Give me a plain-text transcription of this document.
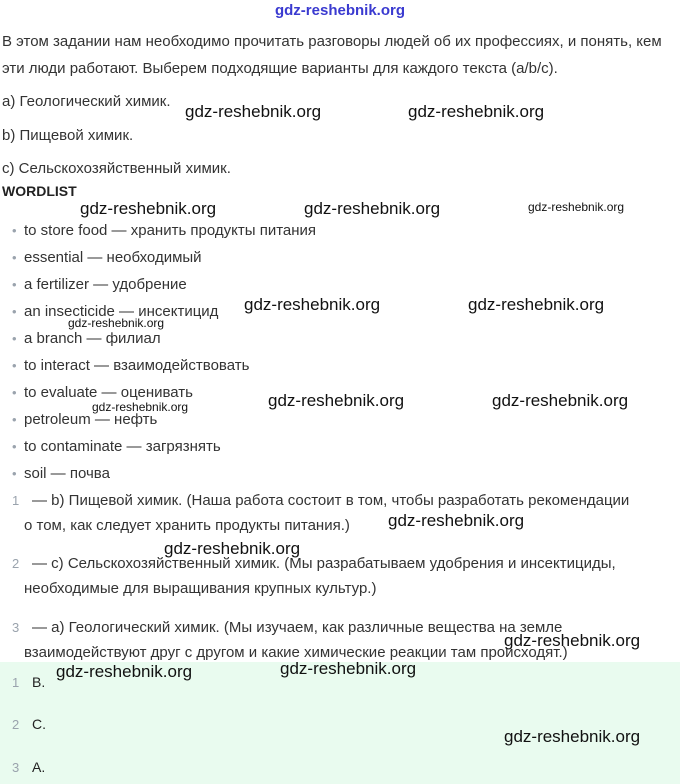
gdz-reshebnik.org
В этом задании нам необходимо прочитать разговоры людей об их профессиях, и понять, кем эти люди работают. Выберем подходящие варианты для каждого текста (a/b/c).
a) Геологический химик.
b) Пищевой химик.
c) Сельскохозяйственный химик.
WORDLIST
• to store food — хранить продукты питания
• essential — необходимый
• a fertilizer — удобрение
• an insecticide — инсектицид
• a branch — филиал
• to interact — взаимодействовать
• to evaluate — оценивать
• petroleum — нефть
• to contaminate — загрязнять
• soil — почва
1 — b) Пищевой химик. (Наша работа состоит в том, чтобы разработать рекомендации
о том, как следует хранить продукты питания.)
2 — c) Сельскохозяйственный химик. (Мы разрабатываем удобрения и инсектициды,
необходимые для выращивания крупных культур.)
3 — a) Геологический химик. (Мы изучаем, как различные вещества на земле
взаимодействуют друг с другом и какие химические реакции там происходят.)
1 B.
2 C.
3 A.
gdz-reshebnik.org	gdz-reshebnik.org
gdz-reshebnik.org	gdz-reshebnik.org	gdz-reshebnik.org
gdz-reshebnik.org	gdz-reshebnik.org
gdz-reshebnik.org
gdz-reshebnik.org	gdz-reshebnik.org
gdz-reshebnik.org
gdz-reshebnik.org
gdz-reshebnik.org
gdz-reshebnik.org
gdz-reshebnik.org	gdz-reshebnik.org
gdz-reshebnik.org
